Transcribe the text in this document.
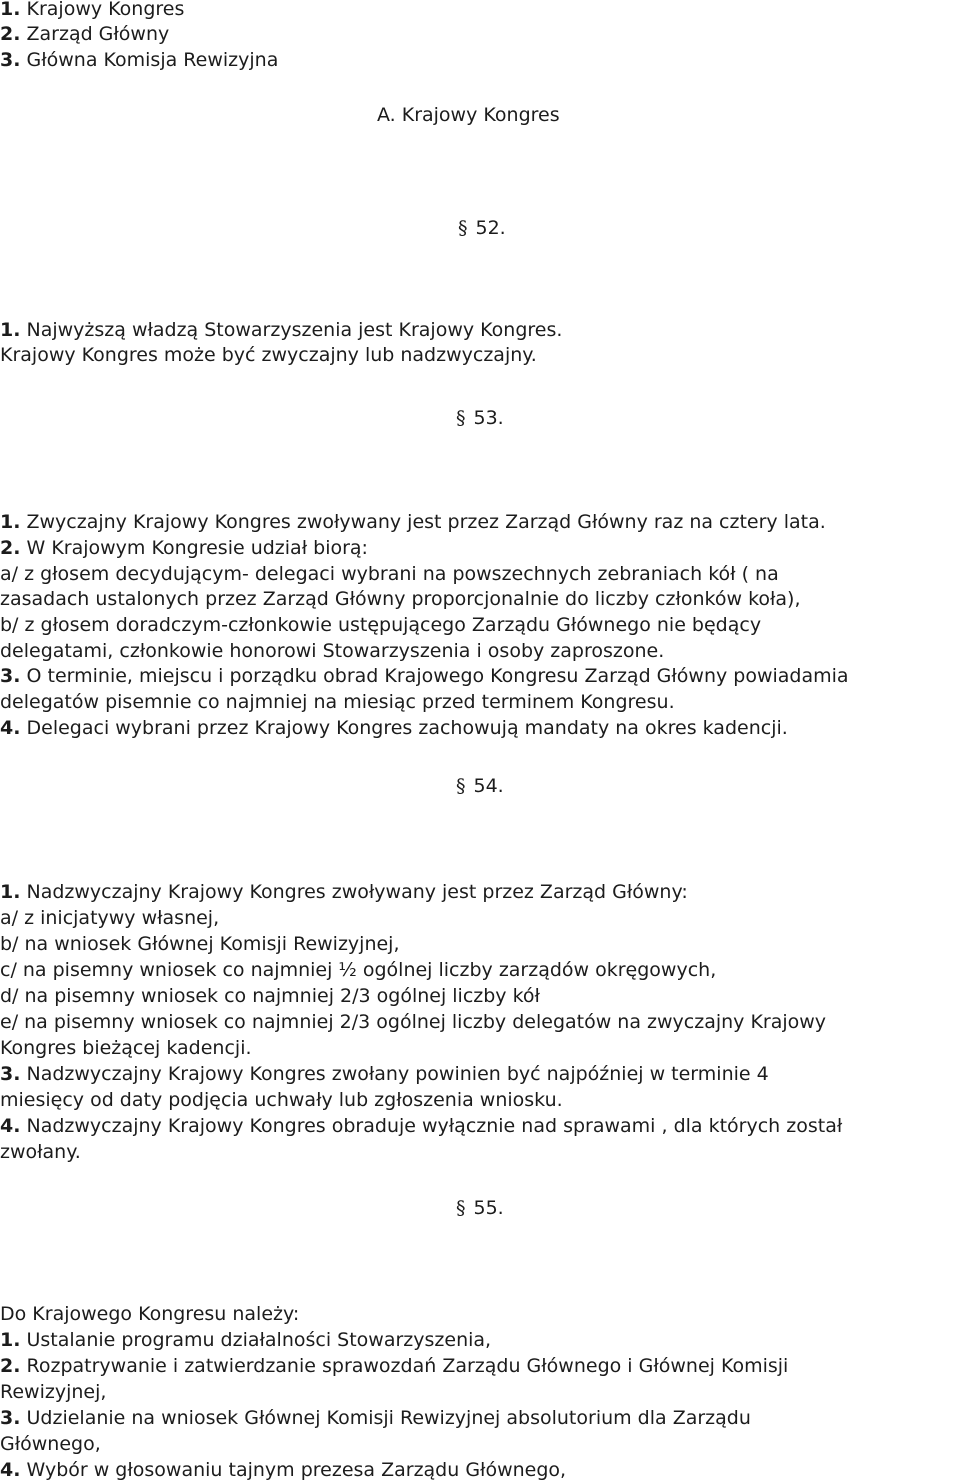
1. Krajowy Kongres

2. Zarząd Główny

3. Główna Komisja Rewizyjna

A. Krajowy Kongres

§ 52.

1. Najwyższą władzą Stowarzyszenia jest Krajowy Kongres.

Krajowy Kongres może być zwyczajny lub nadzwyczajny.

§ 53.

1. Zwyczajny Krajowy Kongres zwoływany jest przez Zarząd Główny raz na cztery lata.

2. W Krajowym Kongresie udział biorą:

a/ z głosem decydującym- delegaci wybrani na powszechnych zebraniach kół ( na

zasadach ustalonych przez Zarząd Główny proporcjonalnie do liczby członków koła),

b/ z głosem doradczym-członkowie ustępującego Zarządu Głównego nie będący

delegatami, członkowie honorowi Stowarzyszenia i osoby zaproszone.

3. O terminie, miejscu i porządku obrad Krajowego Kongresu Zarząd Główny powiadamia

delegatów pisemnie co najmniej na miesiąc przed terminem Kongresu.

4. Delegaci wybrani przez Krajowy Kongres zachowują mandaty na okres kadencji.

§ 54.

1. Nadzwyczajny Krajowy Kongres zwoływany jest przez Zarząd Główny:

a/ z inicjatywy własnej,

b/ na wniosek Głównej Komisji Rewizyjnej,

c/ na pisemny wniosek co najmniej ½ ogólnej liczby zarządów okręgowych,

d/ na pisemny wniosek co najmniej 2/3 ogólnej liczby kół

e/ na pisemny wniosek co najmniej 2/3 ogólnej liczby delegatów na zwyczajny Krajowy

Kongres bieżącej kadencji.

3. Nadzwyczajny Krajowy Kongres zwołany powinien być najpóźniej w terminie 4

miesięcy od daty podjęcia uchwały lub zgłoszenia wniosku.

4. Nadzwyczajny Krajowy Kongres obraduje wyłącznie nad sprawami , dla których został

zwołany.

§ 55.

Do Krajowego Kongresu należy:

1. Ustalanie programu działalności Stowarzyszenia,

2. Rozpatrywanie i zatwierdzanie sprawozdań Zarządu Głównego i Głównej Komisji

Rewizyjnej,

3. Udzielanie na wniosek Głównej Komisji Rewizyjnej absolutorium dla Zarządu

Głównego,

4. Wybór w głosowaniu tajnym prezesa Zarządu Głównego,
